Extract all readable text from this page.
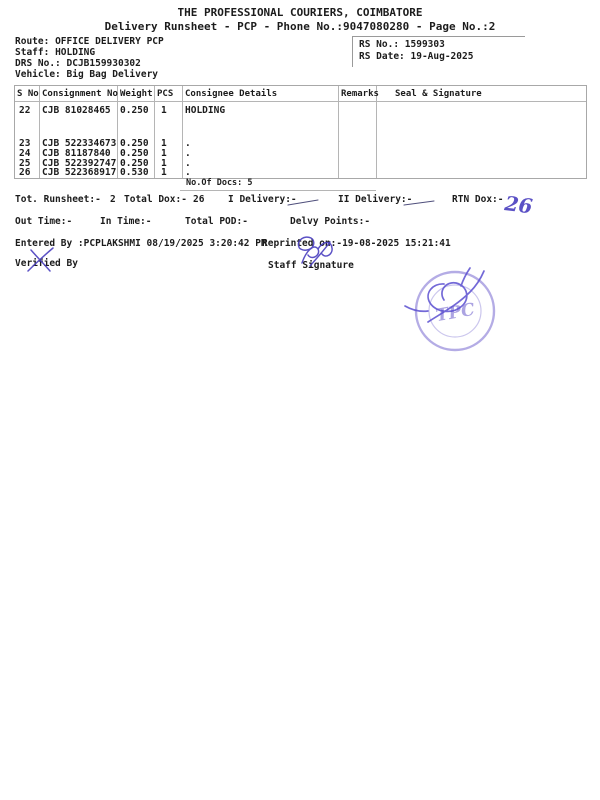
THE PROFESSIONAL COURIERS, COIMBATORE
Delivery Runsheet - PCP - Phone No.:9047080280 - Page No.:2
Route: OFFICE DELIVERY PCP
Staff: HOLDING
DRS No.: DCJB159930302
Vehicle: Big Bag Delivery
RS No.: 1599303
RS Date: 19-Aug-2025
S No Consignment No Weight PCS Consignee Details	Remarks Seal & Signature
22 CJB 81028465 0.250 1 HOLDING
23 CJB 522334673 0.250 1 .
24 CJB 81187840 0.250 1 .
25 CJB 522392747 0.250 1 .
26 CJB 522368917 0.530 1 .
No.Of Docs: 5
Tot. Runsheet:- 2 Total Dox:- 26 I Delivery:-	II Delivery:-	RTN Dox:-
Out Time:-	In Time:-	Total POD:-	Delvy Points:-
Entered By :PCPLAKSHMI 08/19/2025 3:20:42 PM
Reprinted on:-19-08-2025 15:21:41
Verified By	Staff Signature
26
TPC
